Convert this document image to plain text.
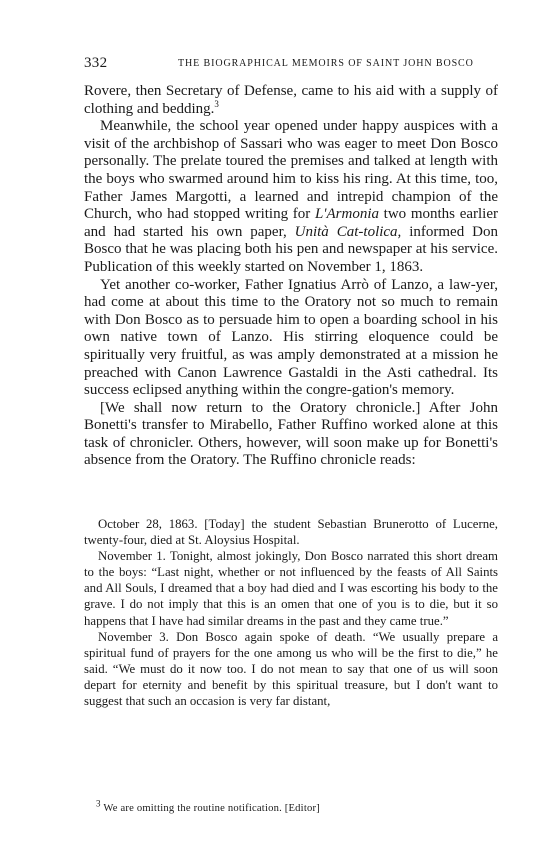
332	THE BIOGRAPHICAL MEMOIRS OF SAINT JOHN BOSCO

Rovere, then Secretary of Defense, came to his aid with a supply of clothing and bedding.$^3$

Meanwhile, the school year opened under happy auspices with a visit of the archbishop of Sassari who was eager to meet Don Bosco personally. The prelate toured the premises and talked at length with the boys who swarmed around him to kiss his ring. At this time, too, Father James Margotti, a learned and intrepid champion of the Church, who had stopped writing for L'Armonia two months earlier and had started his own paper, Unità Cat-tolica, informed Don Bosco that he was placing both his pen and newspaper at his service. Publication of this weekly started on November 1, 1863.

Yet another co-worker, Father Ignatius Arrò of Lanzo, a law-yer, had come at about this time to the Oratory not so much to remain with Don Bosco as to persuade him to open a boarding school in his own native town of Lanzo. His stirring eloquence could be spiritually very fruitful, as was amply demonstrated at a mission he preached with Canon Lawrence Gastaldi in the Asti cathedral. Its success eclipsed anything within the congre-gation's memory.

[We shall now return to the Oratory chronicle.] After John Bonetti's transfer to Mirabello, Father Ruffino worked alone at this task of chronicler. Others, however, will soon make up for Bonetti's absence from the Oratory. The Ruffino chronicle reads:

October 28, 1863. [Today] the student Sebastian Brunerotto of Lucerne, twenty-four, died at St. Aloysius Hospital.

November 1. Tonight, almost jokingly, Don Bosco narrated this short dream to the boys: “Last night, whether or not influenced by the feasts of All Saints and All Souls, I dreamed that a boy had died and I was escorting his body to the grave. I do not imply that this is an omen that one of you is to die, but it so happens that I have had similar dreams in the past and they came true.”

November 3. Don Bosco again spoke of death. “We usually prepare a spiritual fund of prayers for the one among us who will be the first to die,” he said. “We must do it now too. I do not mean to say that one of us will soon depart for eternity and benefit by this spiritual treasure, but I don't want to suggest that such an occasion is very far distant,

$^3$ We are omitting the routine notification. [Editor]
